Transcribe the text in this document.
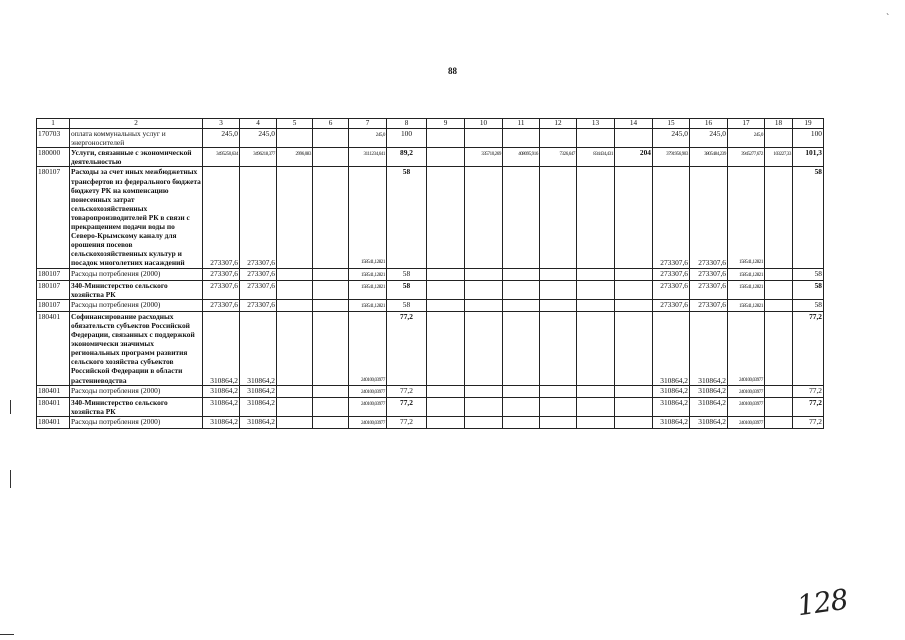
˴
88
1	2	3	4	5	6	7	8	9	10	11	12	13	14	15	16	17	18	19
170703	оплата коммунальных услуг и энергоносителей	245,0	245,0			245,0	100							245,0	245,0	245,0		100
180000	Услуги, связанные с экономической деятельностью	3495250,634	3496218,377	2996,083		3111234,641	89,2		335710,269	408095,916	7326,647	834434,431	204	3791956,903	3805484,239	3945277,672	103227,33	101,3
180107	Расходы за счет иных межбюджетных трансфертов из федерального бюджета бюджету РК на компенсацию понесенных затрат сельскохозяйственных товаропроизводителей РК в связи с прекращением подачи воды по Северо-Крымскому каналу для орошения посевов сельскохозяйственных культур и посадок многолетних насаждений	273307,6	273307,6			158541,12821	58							273307,6	273307,6	158541,12821		58
180107	Расходы потребления (2000)	273307,6	273307,6			158541,12821	58							273307,6	273307,6	158541,12821		58
180107	340-Министерство сельского хозяйства РК	273307,6	273307,6			158541,12821	58							273307,6	273307,6	158541,12821		58
180107	Расходы потребления (2000)	273307,6	273307,6			158541,12821	58							273307,6	273307,6	158541,12821		58
180401	Софинансирование расходных обязательств субъектов Российской Федерации, связанных с поддержкой экономически значимых региональных программ развития сельского хозяйства субъектов Российской Федерации в области растениеводства	310864,2	310864,2			240100,03977	77,2							310864,2	310864,2	240100,03977		77,2
180401	Расходы потребления (2000)	310864,2	310864,2			240100,03977	77,2							310864,2	310864,2	240100,03977		77,2
180401	340-Министерство сельского хозяйства РК	310864,2	310864,2			240100,03977	77,2							310864,2	310864,2	240100,03977		77,2
180401	Расходы потребления (2000)	310864,2	310864,2			240100,03977	77,2							310864,2	310864,2	240100,03977		77,2
128
